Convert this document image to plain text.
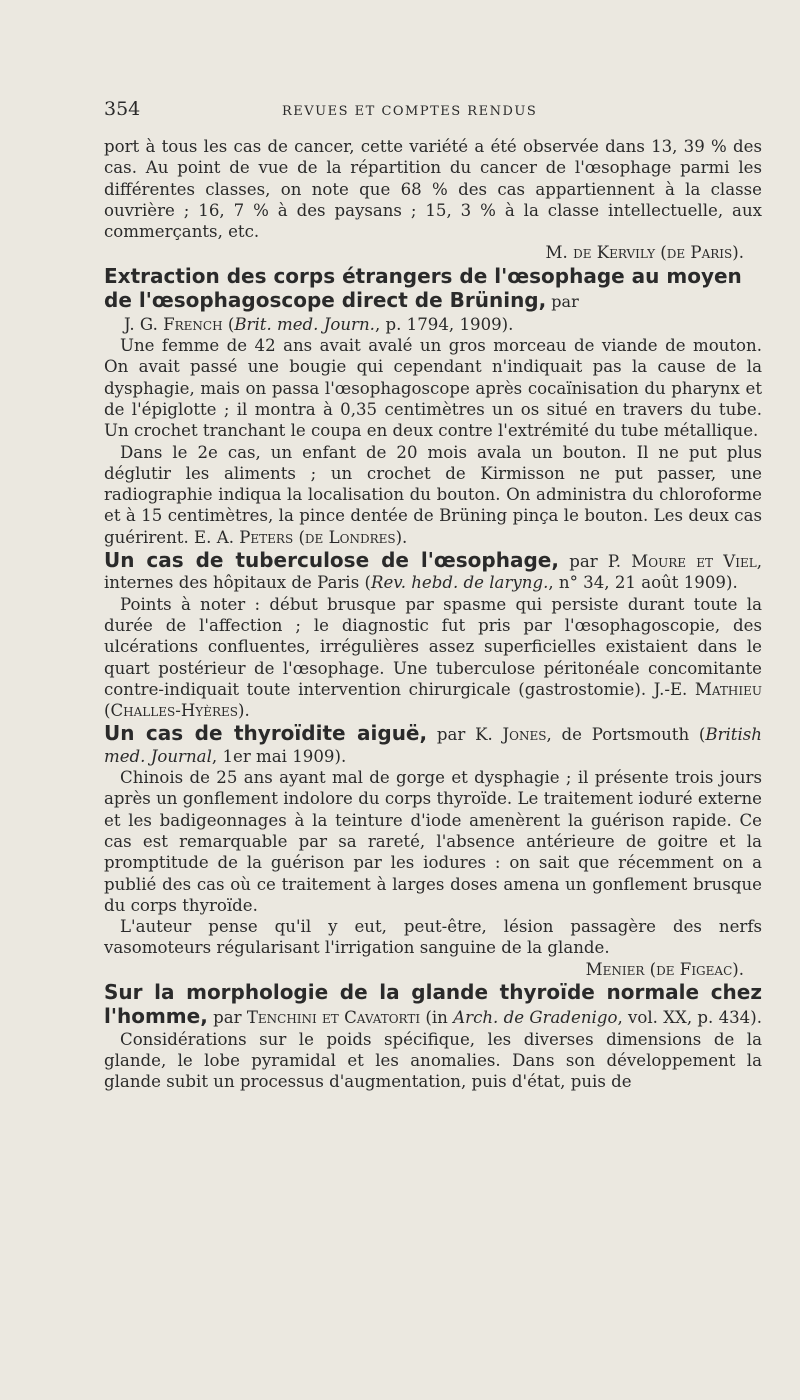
354	REVUES ET COMPTES RENDUS

port à tous les cas de cancer, cette variété a été observée dans 13, 39 % des cas. Au point de vue de la répartition du cancer de l'œsophage parmi les différentes classes, on note que 68 % des cas appartiennent à la classe ouvrière ; 16, 7 % à des paysans ; 15, 3 % à la classe intellectuelle, aux commerçants, etc.

M. de Kervily (de Paris).

Extraction des corps étrangers de l'œsophage au moyen de l'œsophagoscope direct de Brüning, par

J. G. French (Brit. med. Journ., p. 1794, 1909).

Une femme de 42 ans avait avalé un gros morceau de viande de mouton. On avait passé une bougie qui cependant n'indiquait pas la cause de la dysphagie, mais on passa l'œsophagoscope après cocaïnisation du pharynx et de l'épiglotte ; il montra à 0,35 centimètres un os situé en travers du tube. Un crochet tranchant le coupa en deux contre l'extrémité du tube métallique.

Dans le 2e cas, un enfant de 20 mois avala un bouton. Il ne put plus déglutir les aliments ; un crochet de Kirmisson ne put passer, une radiographie indiqua la localisation du bouton. On administra du chloroforme et à 15 centimètres, la pince dentée de Brüning pinça le bouton. Les deux cas guérirent. E. A. Peters (de Londres).

Un cas de tuberculose de l'œsophage, par P. Moure et Viel, internes des hôpitaux de Paris (Rev. hebd. de laryng., n° 34, 21 août 1909).

Points à noter : début brusque par spasme qui persiste durant toute la durée de l'affection ; le diagnostic fut pris par l'œsophagoscopie, des ulcérations confluentes, irrégulières assez superficielles existaient dans le quart postérieur de l'œsophage. Une tuberculose péritonéale concomitante contre-indiquait toute intervention chirurgicale (gastrostomie). J.-E. Mathieu (Challes-Hyères).

Un cas de thyroïdite aiguë, par K. Jones, de Portsmouth (British med. Journal, 1er mai 1909).

Chinois de 25 ans ayant mal de gorge et dysphagie ; il présente trois jours après un gonflement indolore du corps thyroïde. Le traitement ioduré externe et les badigeonnages à la teinture d'iode amenèrent la guérison rapide. Ce cas est remarquable par sa rareté, l'absence antérieure de goitre et la promptitude de la guérison par les iodures : on sait que récemment on a publié des cas où ce traitement à larges doses amena un gonflement brusque du corps thyroïde.

L'auteur pense qu'il y eut, peut-être, lésion passagère des nerfs vasomoteurs régularisant l'irrigation sanguine de la glande.

Menier (de Figeac).

Sur la morphologie de la glande thyroïde normale chez l'homme, par Tenchini et Cavatorti (in Arch. de Gradenigo, vol. XX, p. 434).

Considérations sur le poids spécifique, les diverses dimensions de la glande, le lobe pyramidal et les anomalies. Dans son développement la glande subit un processus d'augmentation, puis d'état, puis de
